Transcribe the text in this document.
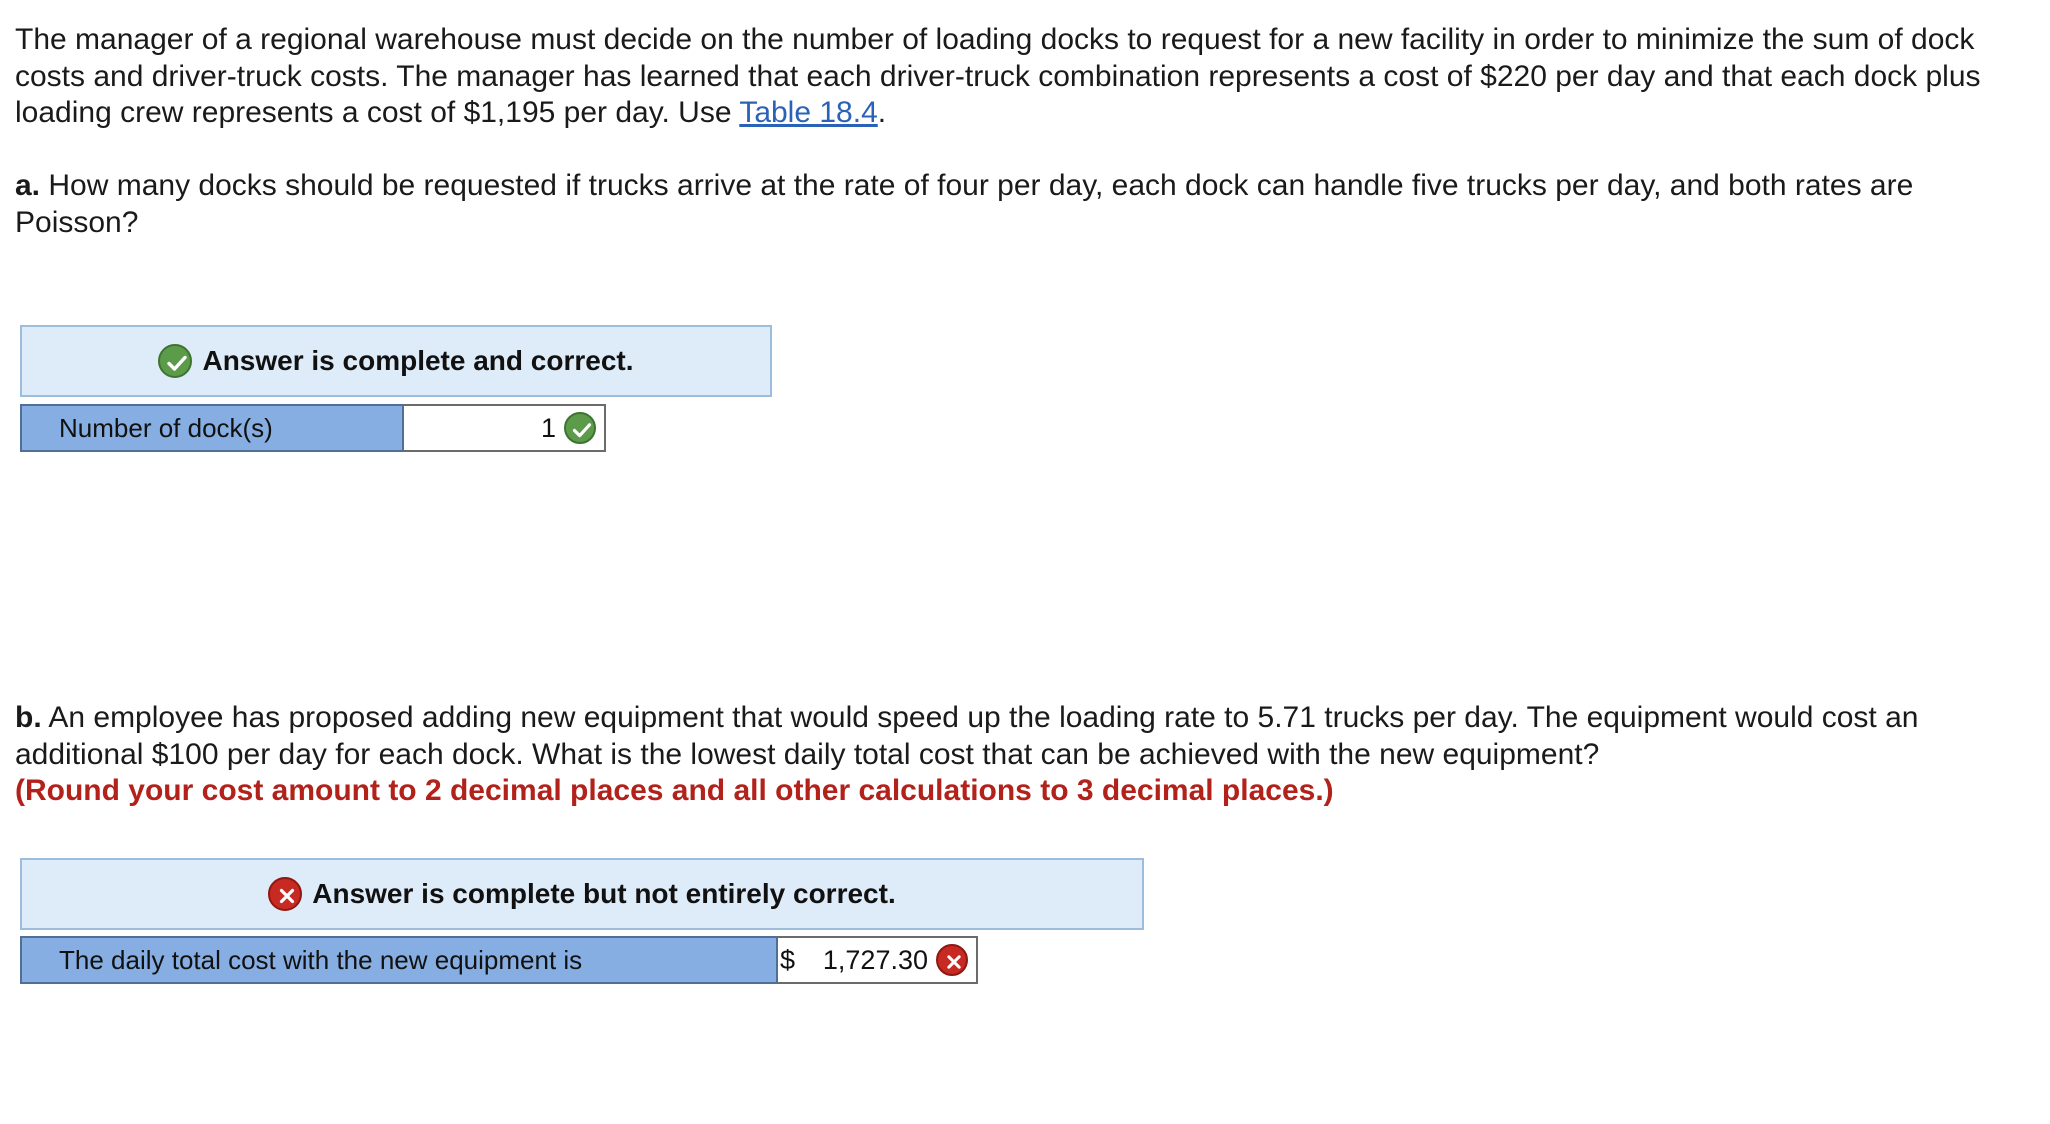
The manager of a regional warehouse must decide on the number of loading docks to request for a new facility in order to minimize the sum of dock costs and driver-truck costs. The manager has learned that each driver-truck combination represents a cost of $220 per day and that each dock plus loading crew represents a cost of $1,195 per day. Use Table 18.4.

a. How many docks should be requested if trucks arrive at the rate of four per day, each dock can handle five trucks per day, and both rates are Poisson?

Answer is complete and correct.
Number of dock(s)	1

b. An employee has proposed adding new equipment that would speed up the loading rate to 5.71 trucks per day. The equipment would cost an additional $100 per day for each dock. What is the lowest daily total cost that can be achieved with the new equipment?
(Round your cost amount to 2 decimal places and all other calculations to 3 decimal places.)

Answer is complete but not entirely correct.
The daily total cost with the new equipment is	$ 1,727.30
